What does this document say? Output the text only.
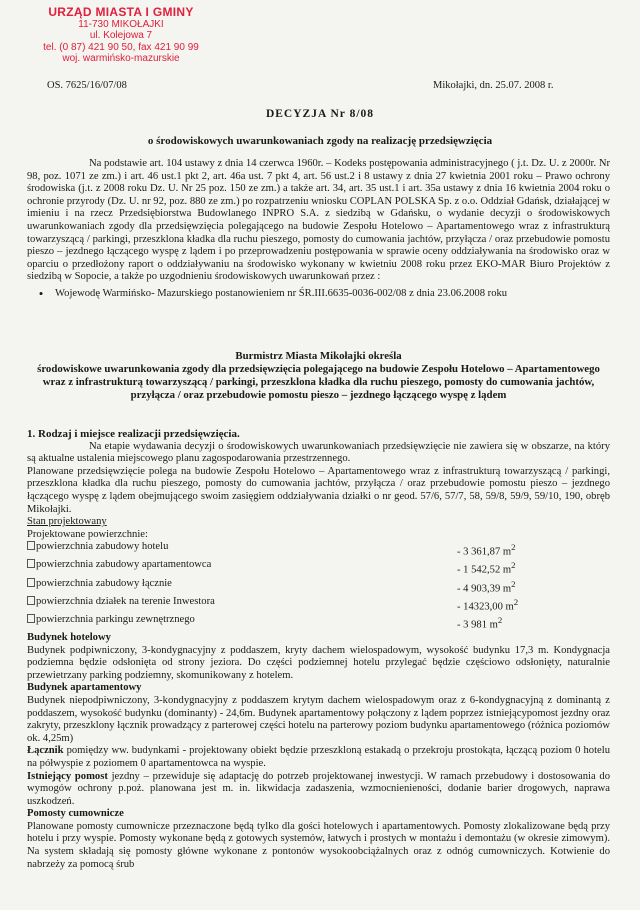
URZĄD MIASTA I GMINY
11-730 MIKOŁAJKI
ul. Kolejowa 7
tel. (0 87) 421 90 50, fax 421 90 99
woj. warmińsko-mazurskie
OS. 7625/16/07/08	Mikołajki, dn. 25.07. 2008 r.
DECYZJA Nr 8/08
o środowiskowych uwarunkowaniach zgody na realizację przedsięwzięcia

Na podstawie art. 104 ustawy z dnia 14 czerwca 1960r. – Kodeks postępowania administracyjnego ( j.t. Dz. U. z 2000r. Nr 98, poz. 1071 ze zm.) i art. 46 ust.1 pkt 2, art. 46a ust. 7 pkt 4, art. 56 ust.2 i 8 ustawy z dnia 27 kwietnia 2001 roku – Prawo ochrony środowiska (j.t. z 2008 roku Dz. U. Nr 25 poz. 150 ze zm.) a także art. 34, art. 35 ust.1 i art. 35a ustawy z dnia 16 kwietnia 2004 roku o ochronie przyrody (Dz. U. nr 92, poz. 880 ze zm.) po rozpatrzeniu wniosku COPLAN POLSKA Sp. z o.o. Oddział Gdańsk, działającej w imieniu i na rzecz Przedsiębiorstwa Budowlanego INPRO S.A. z siedzibą w Gdańsku, o wydanie decyzji o środowiskowych uwarunkowaniach zgody dla przedsięwzięcia polegającego na budowie Zespołu Hotelowo – Apartamentowego wraz z infrastrukturą towarzyszącą / parkingi, przeszklona kładka dla ruchu pieszego, pomosty do cumowania jachtów, przyłącza / oraz przebudowie pomostu pieszo – jezdnego łączącego wyspę z lądem i po przeprowadzeniu postępowania w sprawie oceny oddziaływania na środowisko oraz w oparciu o przedłożony raport o oddziaływaniu na środowisko wykonany w kwietniu 2008 roku przez EKO-MAR Biuro Projektów z siedzibą w Sopocie, a także po uzgodnieniu środowiskowych uwarunkowań przez :

•	Wojewodę Warmińsko- Mazurskiego postanowieniem nr ŚR.III.6635-0036-002/08 z dnia 23.06.2008 roku

Burmistrz Miasta Mikołajki określa

środowiskowe uwarunkowania zgody dla przedsięwzięcia polegającego na budowie Zespołu Hotelowo – Apartamentowego wraz z infrastrukturą towarzyszącą / parkingi, przeszklona kładka dla ruchu pieszego, pomosty do cumowania jachtów, przyłącza / oraz przebudowie pomostu pieszo – jezdnego łączącego wyspę z lądem

1. Rodzaj i miejsce realizacji przedsięwzięcia.

Na etapie wydawania decyzji o środowiskowych uwarunkowaniach przedsięwzięcie nie zawiera się w obszarze, na który są aktualne ustalenia miejscowego planu zagospodarowania przestrzennego.

Planowane przedsięwzięcie polega na budowie Zespołu Hotelowo – Apartamentowego wraz z infrastrukturą towarzyszącą / parkingi, przeszklona kładka dla ruchu pieszego, pomosty do cumowania jachtów, przyłącza / oraz przebudowie pomostu pieszo – jezdnego łączącego wyspę z lądem obejmującego swoim zasięgiem oddziaływania działki o nr geod. 57/6, 57/7, 58, 59/8, 59/9, 59/10, 190, obręb Mikołajki.

Stan projektowany

Projektowane powierzchnie:

powierzchnia zabudowy hotelu
- 3 361,87 $m^2$
powierzchnia zabudowy apartamentowca
- 1 542,52 $m^2$
powierzchnia zabudowy łącznie
- 4 903,39 $m^2$
powierzchnia działek na terenie Inwestora
- 14323,00 $m^2$
powierzchnia parkingu zewnętrznego
- 3 981 $m^2$

Budynek hotelowy

Budynek podpiwniczony, 3-kondygnacyjny z poddaszem, kryty dachem wielospadowym, wysokość budynku 17,3 m. Kondygnacja podziemna będzie odsłonięta od strony jeziora. Do części podziemnej hotelu przylegać będzie częściowo odsłonięty, naturalnie przewietrzany parking podziemny, skomunikowany z hotelem.

Budynek apartamentowy

Budynek niepodpiwniczony, 3-kondygnacyjny z poddaszem krytym dachem wielospadowym oraz z 6-kondygnacyjną z dominantą z poddaszem, wysokość budynku (dominanty) - 24,6m. Budynek apartamentowy połączony z lądem poprzez istniejącypomost jezdny oraz zakryty, przeszklony łącznik prowadzący z parterowej części hotelu na parterowy poziom budynku apartamentowego (różnica poziomów ok. 4,25m)

Łącznik pomiędzy ww. budynkami - projektowany obiekt będzie przeszkloną estakadą o przekroju prostokąta, łączącą poziom 0 hotelu na półwyspie z poziomem 0 apartamentowca na wyspie.

Istniejący pomost jezdny – przewiduje się adaptację do potrzeb projektowanej inwestycji. W ramach przebudowy i dostosowania do wymogów ochrony p.poż. planowana jest m. in. likwidacja zadaszenia, wzmocnienieności, dodanie barier drogowych, naprawa uszkodzeń.

Pomosty cumownicze

Planowane pomosty cumownicze przeznaczone będą tylko dla gości hotelowych i apartamentowych. Pomosty zlokalizowane będą przy hotelu i przy wyspie. Pomosty wykonane będą z gotowych systemów, łatwych i prostych w montażu i demontażu (w okresie zimowym). Na system składają się pomosty główne wykonane z pontonów wysokoobciążalnych oraz z odnóg cumowniczych. Kotwienie do nabrzeży za pomocą śrub
